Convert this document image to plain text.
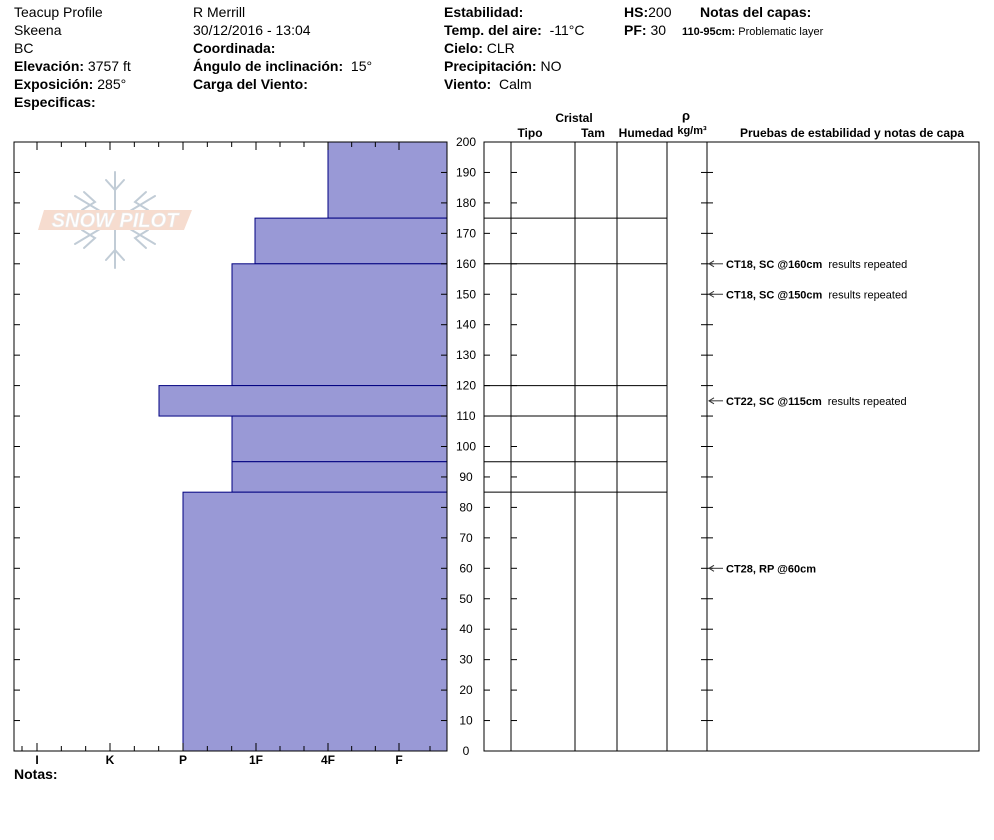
Teacup Profile
Skeena
BC
Elevación: 3757 ft
Exposición: 285°
Especificas:
R Merrill
30/12/2016 - 13:04
Coordinada:
Ángulo de inclinación: 15°
Carga del Viento:
Estabilidad:
Temp. del aire: -11°C
Cielo: CLR
Precipitación: NO
Viento: Calm
HS:200
PF: 30
Notas del capas:
110-95cm: Problematic layer
Notas:
Cristal
Tipo	Tam Humedad
ρ
kg/m³	Pruebas de estabilidad y notas de capa
SNOW PILOT
I	K	P	1F	4F	F
0
10
20
30
40
50
60
70
80
90
100
110
120
130
140
150
160
170
180
190
200
CT18, SC @160cm results repeated
CT18, SC @150cm results repeated
CT22, SC @115cm results repeated
CT28, RP @60cm
